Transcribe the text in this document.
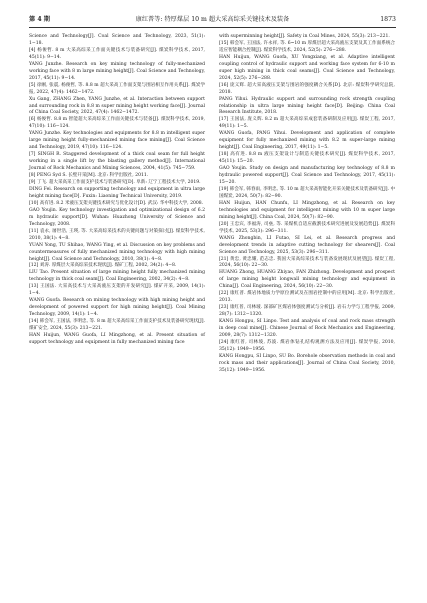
第 4 期	康红普等: 特厚煤层 10 m 超大采高综采关键技术及装备	1873

Science and Technology[J]. Coal Science and Technology, 2023, 51(1): 1−18.

[4] 杨俊哲. 8 m 大采高综采工作面关键技术与装备研究[J]. 煤炭科学技术, 2017, 45(11): 9−14.

YANG Junzhe. Research on key mining technology of fully-mechanized working face with 8 m large mining height[J]. Coal Science and Technology, 2017, 45(11): 9−14.

[5] 徐刚, 张震, 杨俊哲, 等. 8.8 m 超大采高工作面支架与围岩相互作用关系[J]. 煤炭学报, 2022, 47(4): 1462−1472.

Xu Gang, ZHANG Zhen, YANG Junzhe, et al. Interaction between support and surrounding rock in 8.8 m super mining height working face[J]. Journal of China Coal Society, 2022, 47(4): 1462−1472.

[6] 杨俊哲. 8.8 m 智能超大采高综采工作面关键技术与装备[J]. 煤炭科学技术, 2019, 47(10): 116−124.

YANG Junzhe. Key technologies and equipments for 8.8 m intelligent super large mining height fully-mechanized mining face mining[J]. Coal Science and Technology, 2019, 47(10): 116−124.

[7] SINGH R. Staggered development of a thick coal seam for full height working in a single lift by the blasting gallery method[J]. International Journal of Rock Mechanics and Mining Sciences, 2004, 41(5): 745−759.

[8] PENG Syd S. 长壁开采[M]. 北京: 科学出版社, 2011.

[9] 丁飞. 超大采高采工作面支护技术与装备研究[D]. 阜新: 辽宁工程技术大学, 2019.

DING Fei. Research on supporting technology and equipment in ultra large height mining face[D]. Fuxin: Liaoning Technical University, 2019.

[10] 高有进. 8.2 米液压支架关键技术研究与优化设计[D]. 武汉: 华中科技大学, 2008.

GAO Youjin. Key technology investigation and optimizational design of 6.2 m hydraulic support[D]. Wuhan: Huazhong University of Science and Technology, 2008.

[11] 袁永, 屠世浩, 王瑛, 等. 大采高综采技术的关键问题与对策探讨[J]. 煤炭科学技术, 2010, 38(1): 4−8.

YUAN Yong, TU Shihao, WANG Ying, et al. Discussion on key problems and countermeasures of fully mechanized mining technology with high mining height[J]. Coal Science and Technology, 2010, 38(1): 4−8.

[12] 刘涛. 厚煤层大采高综采技术现状[J]. 煤矿工程, 2002, 34(2): 4−8.

LIU Tao. Present situation of large mining height fully mechanized mining technology in thick coal seam[J]. Coal Engineering, 2002, 34(2): 4−8.

[13] 王国法. 大采高技术与大采高液压支架的开发研究[J]. 煤矿开采, 2009, 14(1): 1−4.

WANG Guofa. Research on mining technology with high mining height and development of powered support for high mining height[J]. Coal Mining Technology, 2009, 14(1): 1−4.

[14] 韩会军, 王国法, 李明忠, 等. 8 m 超大采高综采工作面支护技术及装备研究现状[J]. 煤矿安全, 2024, 55(3): 213−221.

HAN Huijun, WANG Guofa, LI Mingzhong, et al. Present situation of support technology and equipment in fully mechanized mining face

with superminning height[J]. Safety in Coal Mines, 2024, 55(3): 213−221.

[15] 韩会军, 王国法, 许永祥, 等. 6~10 m 厚煤层超大采高液压支架及其工作面系统合适应智能耦合控制[J]. 煤炭科学技术, 2024, 52(5): 276−288.

HAN Huijun, WANG Guofa, XU Yongxiang, et al. Adaptive intelligent coupling control of hydraulic support and working face system for 6-10 m super high mining in thick coal seams[J]. Coal Science and Technology, 2024, 52(5): 276−288.

[16] 庞义辉. 超大采高液压支架与围岩的强度耦合关系[D]. 北京: 煤炭科学研究总院, 2018.

PANG Yihui. Hydraulic support and surrounding rock strength coupling relationship in ultra large mining height face[D]. Beijing: China Coal Research Institute, 2018.

[17] 王国法, 庞义辉. 8.2 m 超大采高综采成套装备研制及应用[J]. 煤炭工程, 2017, 49(11): 1−5.

WANG Guofa, PANG Yihui. Development and application of complete equipment for fully mechanized mining with 8.2 m super-large mining height[J]. Coal Engineering, 2017, 49(11): 1−5.

[18] 高有进. 8.8 m 液压支架设计与制造关键技术研究[J]. 煤炭科学技术, 2017, 45(11): 15−20.

GAO Youjin. Study on design and manufacturing key technology of 8.8 m hydraulic powered support[J]. Coal Science and Technology, 2017, 45(11): 15−20.

[19] 韩会军, 韩春雨, 李明忠, 等. 10 m 超大采高智能化开采关键技术及装备研究[J]. 中国煤炭, 2024, 50(7): 82−90.

HAN Huijun, HAN Chunfu, LI Mingzhong, et al. Research on key technologies and equipment for intelligent mining with 10 m super large mining height[J]. China Coal, 2024, 50(7): 82−90.

[20] 王忠宾, 李福涛, 司垒, 等. 采煤机自适应截割技术研究进展及发展趋势[J]. 煤炭科学技术, 2025, 53(3): 296−311.

WANG Zhongbin, LI Futao, SI Lei, et al. Research progress and development trends in adaptive cutting technology for shearers[J]. Coal Science and Technology, 2025, 53(3): 296−311.

[21] 黄忠, 黄忠耀, 范志忠. 我国大采高综采技术与装备发展现状及展望[J]. 煤炭工程, 2024, 56(10): 22−30.

HUANG Zhong, HUANG Zhiyao, FAN Zhizhong. Development and prospect of large mining height longwall mining technology and equipment in China[J]. Coal Engineering, 2024, 56(10): 22−30.

[22] 康红普. 煤岩体地质力学原位测试及在围岩控制中的应用[M]. 北京: 科学出版社, 2013.

[23] 康红普, 司林坡. 深部矿区煤岩体强度测试与分析[J]. 岩石力学与工程学报, 2009, 28(7): 1312−1320.

KANG Hongpu, SI Linpo. Test and analysis of coal and rock mass strength in deep coal mine[J]. Chinese Journal of Rock Mechanics and Engineering, 2009, 28(7): 1312−1320.

[24] 康红普, 司林坡, 苏波. 煤岩体钻孔结构观测方法及应用[J]. 煤炭学报, 2010, 35(12): 1949−1956.

KANG Hongpu, SI Linpo, SU Bo. Borehole observation methods in coal and rock mass and their applications[J]. Journal of China Coal Society, 2010, 35(12): 1949−1956.
